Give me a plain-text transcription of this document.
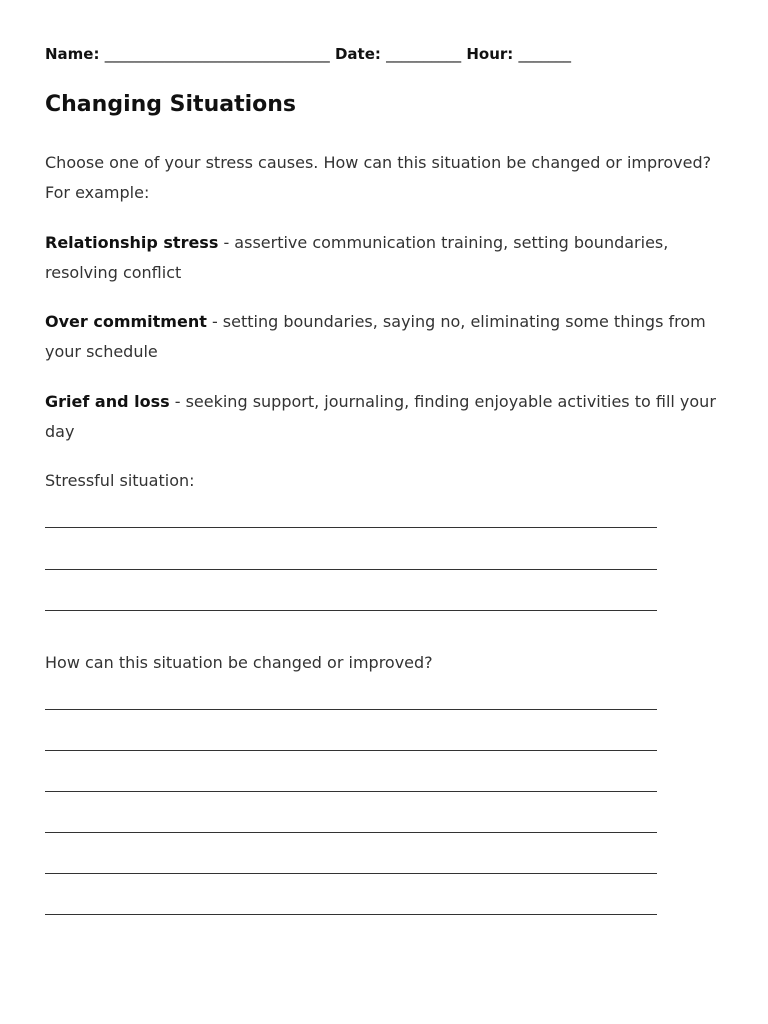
Name: ______________________________ Date: __________ Hour: _______
Changing Situations

Choose one of your stress causes. How can this situation be changed or improved? For example:

Relationship stress - assertive communication training, setting boundaries, resolving conflict

Over commitment - setting boundaries, saying no, eliminating some things from your schedule

Grief and loss - seeking support, journaling, finding enjoyable activities to fill your day

Stressful situation:

How can this situation be changed or improved?
